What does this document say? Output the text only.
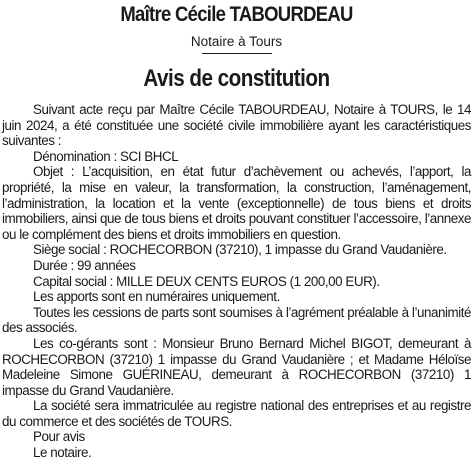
Maître Cécile TABOURDEAU
Notaire à Tours
Avis de constitution

Suivant acte reçu par Maître Cécile TABOURDEAU, Notaire à TOURS, le 14 juin 2024, a été constituée une société civile immobilière ayant les caractéristiques suivantes :

Dénomination : SCI BHCL

Objet : L’acquisition, en état futur d’achèvement ou achevés, l’apport, la propriété, la mise en valeur, la transformation, la construction, l’aménagement, l’administration, la location et la vente (exceptionnelle) de tous biens et droits immobiliers, ainsi que de tous biens et droits pouvant constituer l’accessoire, l’annexe ou le complément des biens et droits immobiliers en question.

Siège social : ROCHECORBON (37210), 1 impasse du Grand Vaudanière.

Durée : 99 années

Capital social : MILLE DEUX CENTS EUROS (1 200,00 EUR).

Les apports sont en numéraires uniquement.

Toutes les cessions de parts sont soumises à l’agrément préalable à l’unanimité des associés.

Les co-gérants sont : Monsieur Bruno Bernard Michel BIGOT, demeurant à ROCHECORBON (37210) 1 impasse du Grand Vaudanière ; et Madame Héloïse Madeleine Simone GUÉRINEAU, demeurant à ROCHECORBON (37210) 1 impasse du Grand Vaudanière.

La société sera immatriculée au registre national des entreprises et au registre du commerce et des sociétés de TOURS.

Pour avis

Le notaire.
